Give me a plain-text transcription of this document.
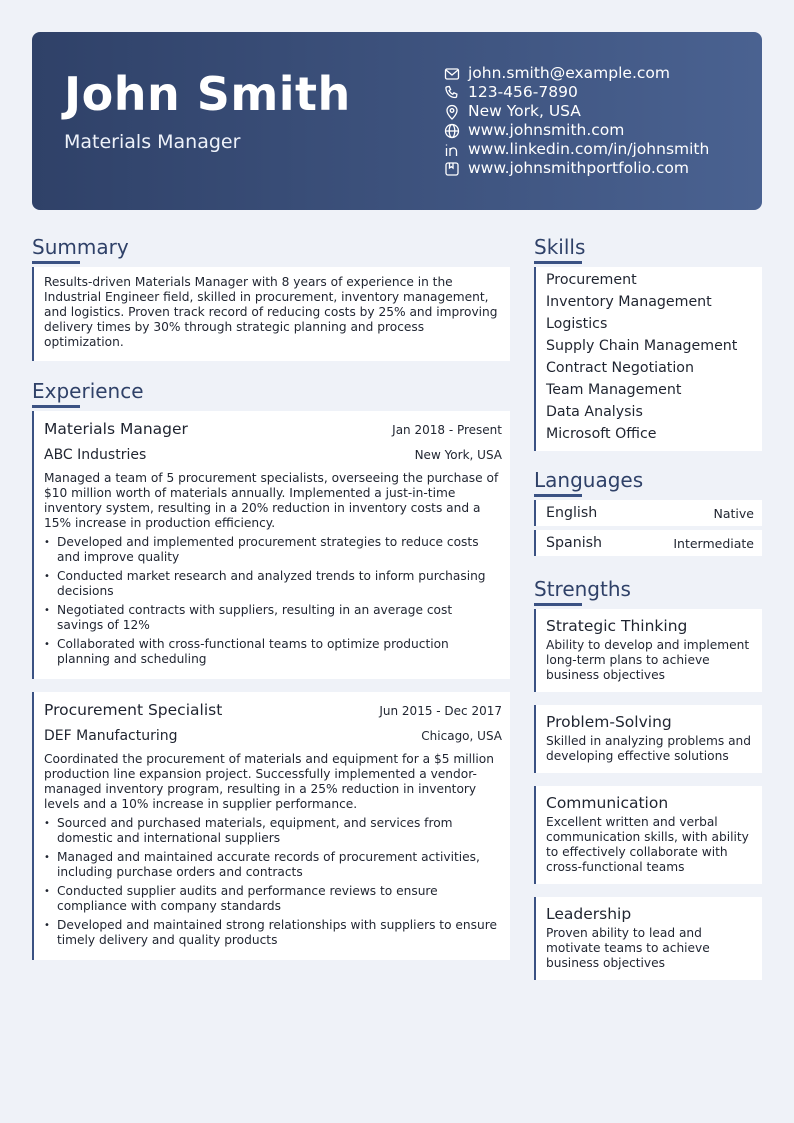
John Smith
Materials Manager
john.smith@example.com
123-456-7890
New York, USA
www.johnsmith.com
www.linkedin.com/in/johnsmith
www.johnsmithportfolio.com
Summary

Results-driven Materials Manager with 8 years of experience in the Industrial Engineer field, skilled in procurement, inventory management, and logistics. Proven track record of reducing costs by 25% and improving delivery times by 30% through strategic planning and process optimization.

Experience
Materials Manager	Jan 2018 - Present
ABC Industries	New York, USA

Managed a team of 5 procurement specialists, overseeing the purchase of $10 million worth of materials annually. Implemented a just-in-time inventory system, resulting in a 20% reduction in inventory costs and a 15% increase in production efficiency.

• Developed and implemented procurement strategies to reduce costs and improve quality
• Conducted market research and analyzed trends to inform purchasing decisions
• Negotiated contracts with suppliers, resulting in an average cost savings of 12%
• Collaborated with cross-functional teams to optimize production planning and scheduling
Procurement Specialist	Jun 2015 - Dec 2017
DEF Manufacturing	Chicago, USA

Coordinated the procurement of materials and equipment for a $5 million production line expansion project. Successfully implemented a vendor-managed inventory program, resulting in a 25% reduction in inventory levels and a 10% increase in supplier performance.

• Sourced and purchased materials, equipment, and services from domestic and international suppliers
• Managed and maintained accurate records of procurement activities, including purchase orders and contracts
• Conducted supplier audits and performance reviews to ensure compliance with company standards
• Developed and maintained strong relationships with suppliers to ensure timely delivery and quality products
Skills
Procurement
Inventory Management
Logistics
Supply Chain Management
Contract Negotiation
Team Management
Data Analysis
Microsoft Office
Languages
English	Native
Spanish	Intermediate
Strengths
Strategic Thinking
Ability to develop and implement long-term plans to achieve business objectives
Problem-Solving
Skilled in analyzing problems and developing effective solutions
Communication
Excellent written and verbal communication skills, with ability to effectively collaborate with cross-functional teams
Leadership
Proven ability to lead and motivate teams to achieve business objectives
